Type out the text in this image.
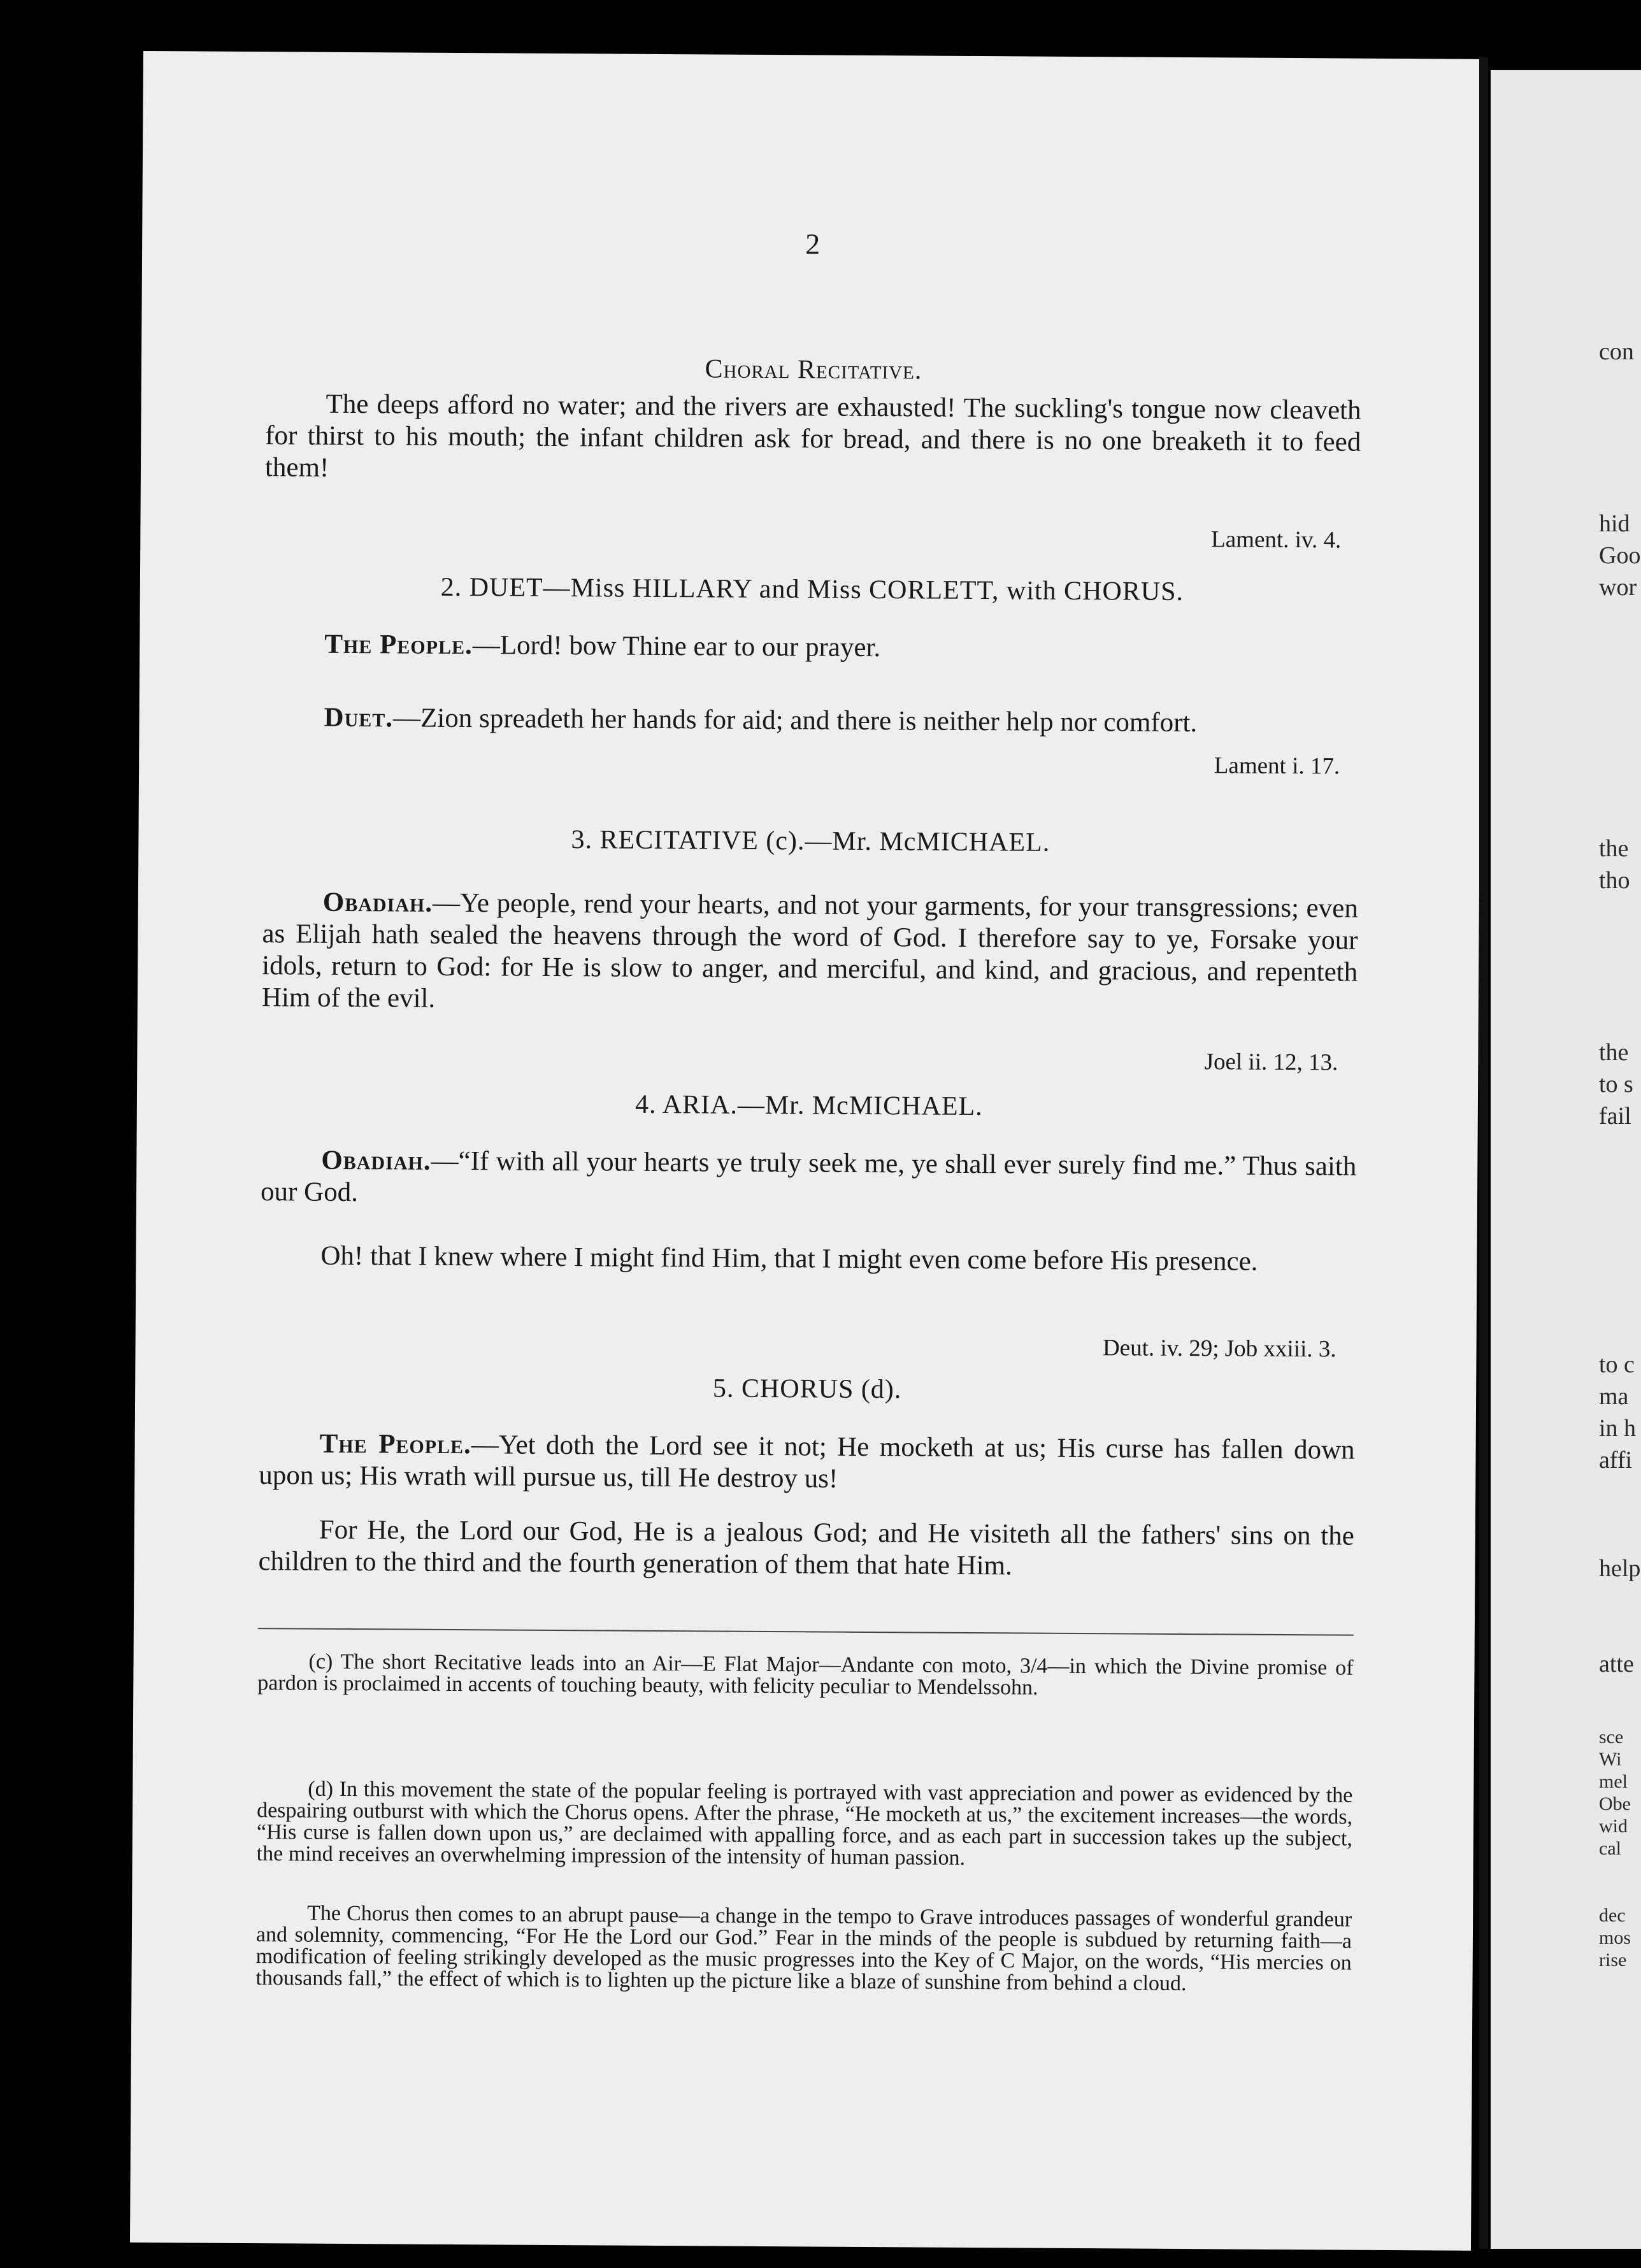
2
Choral Recitative.
The deeps afford no water; and the rivers are exhausted! The suckling's tongue now cleaveth for thirst to his mouth; the infant children ask for bread, and there is no one breaketh it to feed them!
Lament. iv. 4.
2. DUET—Miss HILLARY and Miss CORLETT, with CHORUS.
The People.—Lord! bow Thine ear to our prayer.
Duet.—Zion spreadeth her hands for aid; and there is neither help nor comfort.
Lament i. 17.
3. RECITATIVE (c).—Mr. McMICHAEL.
Obadiah.—Ye people, rend your hearts, and not your garments, for your transgressions; even as Elijah hath sealed the heavens through the word of God. I therefore say to ye, Forsake your idols, return to God: for He is slow to anger, and merciful, and kind, and gracious, and repenteth Him of the evil.
Joel ii. 12, 13.
4. ARIA.—Mr. McMICHAEL.
Obadiah.—“If with all your hearts ye truly seek me, ye shall ever surely find me.” Thus saith our God.
Oh! that I knew where I might find Him, that I might even come before His presence.
Deut. iv. 29; Job xxiii. 3.
5. CHORUS (d).
The People.—Yet doth the Lord see it not; He mocketh at us; His curse has fallen down upon us; His wrath will pursue us, till He destroy us!
For He, the Lord our God, He is a jealous God; and He visiteth all the fathers' sins on the children to the third and the fourth generation of them that hate Him.
(c) The short Recitative leads into an Air—E Flat Major—Andante con moto, 3/4—in which the Divine promise of pardon is proclaimed in accents of touching beauty, with felicity peculiar to Mendelssohn.
(d) In this movement the state of the popular feeling is portrayed with vast appreciation and power as evidenced by the despairing outburst with which the Chorus opens. After the phrase, “He mocketh at us,” the excitement increases—the words, “His curse is fallen down upon us,” are declaimed with appalling force, and as each part in succession takes up the subject, the mind receives an overwhelming impression of the intensity of human passion.
The Chorus then comes to an abrupt pause—a change in the tempo to Grave introduces passages of wonderful grandeur and solemnity, commencing, “For He the Lord our God.” Fear in the minds of the people is subdued by returning faith—a modification of feeling strikingly developed as the music progresses into the Key of C Major, on the words, “His mercies on thousands fall,” the effect of which is to lighten up the picture like a blaze of sunshine from behind a cloud.
con
hid
Goo
wor
the
tho
the
to s
fail
to c
ma
in h
affi
help
atte
sce
Wi
mel
Obe
wid
cal
dec
mos
rise
